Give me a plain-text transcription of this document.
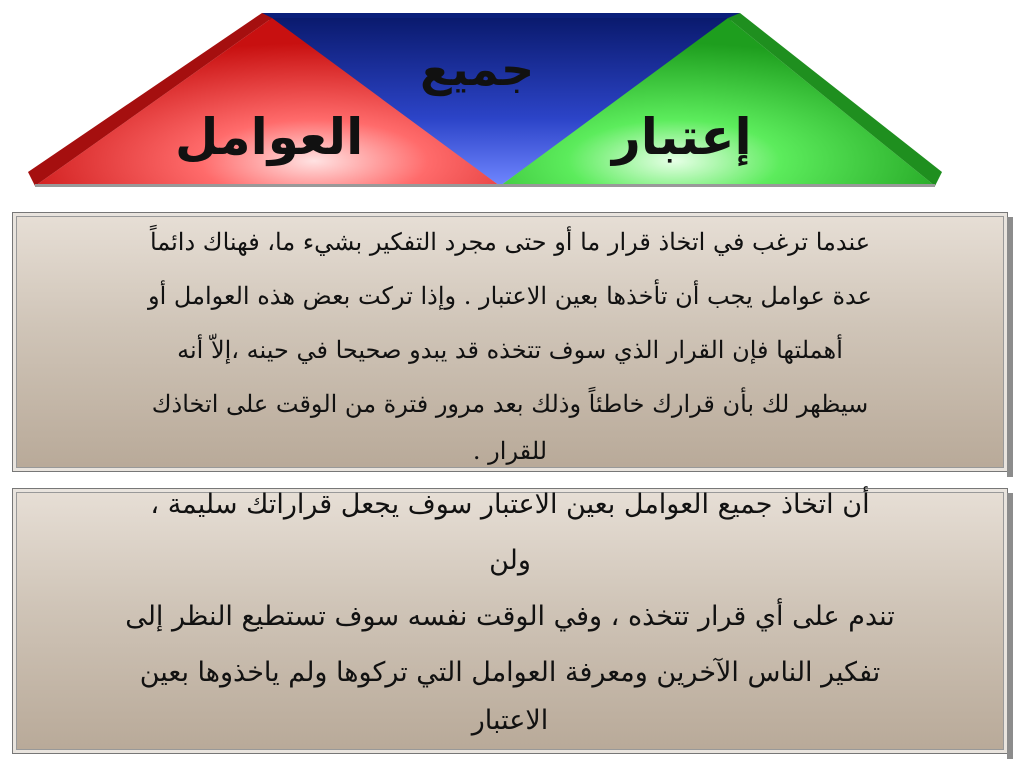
جميع
العوامل	إعتبار
عندما ترغب في اتخاذ قرار ما أو حتى مجرد التفكير بشيء ما، فهناك دائماً
عدة عوامل يجب أن تأخذها بعين الاعتبار . وإذا تركت بعض هذه العوامل أو
أهملتها فإن القرار الذي سوف تتخذه قد يبدو صحيحا في حينه ،إلاّ أنه
سيظهر لك بأن قرارك خاطئاً وذلك بعد مرور فترة من الوقت على اتخاذك
للقرار .
أن اتخاذ جميع العوامل بعين الاعتبار سوف يجعل قراراتك سليمة ،
ولن
تندم على أي قرار تتخذه ، وفي الوقت نفسه سوف تستطيع النظر إلى
تفكير الناس الآخرين ومعرفة العوامل التي تركوها ولم ياخذوها بعين
الاعتبار
